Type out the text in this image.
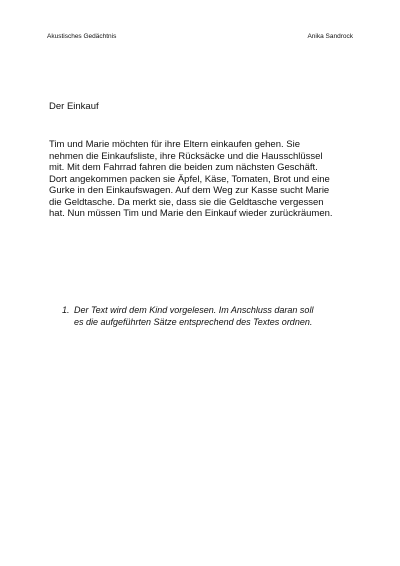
Akustisches Gedächtnis	Anika Sandrock
Der Einkauf
Tim und Marie möchten für ihre Eltern einkaufen gehen. Sie
nehmen die Einkaufsliste, ihre Rücksäcke und die Hausschlüssel
mit. Mit dem Fahrrad fahren die beiden zum nächsten Geschäft.
Dort angekommen packen sie Äpfel, Käse, Tomaten, Brot und eine
Gurke in den Einkaufswagen. Auf dem Weg zur Kasse sucht Marie
die Geldtasche. Da merkt sie, dass sie die Geldtasche vergessen
hat. Nun müssen Tim und Marie den Einkauf wieder zurückräumen.
1. Der Text wird dem Kind vorgelesen. Im Anschluss daran soll
es die aufgeführten Sätze entsprechend des Textes ordnen.
